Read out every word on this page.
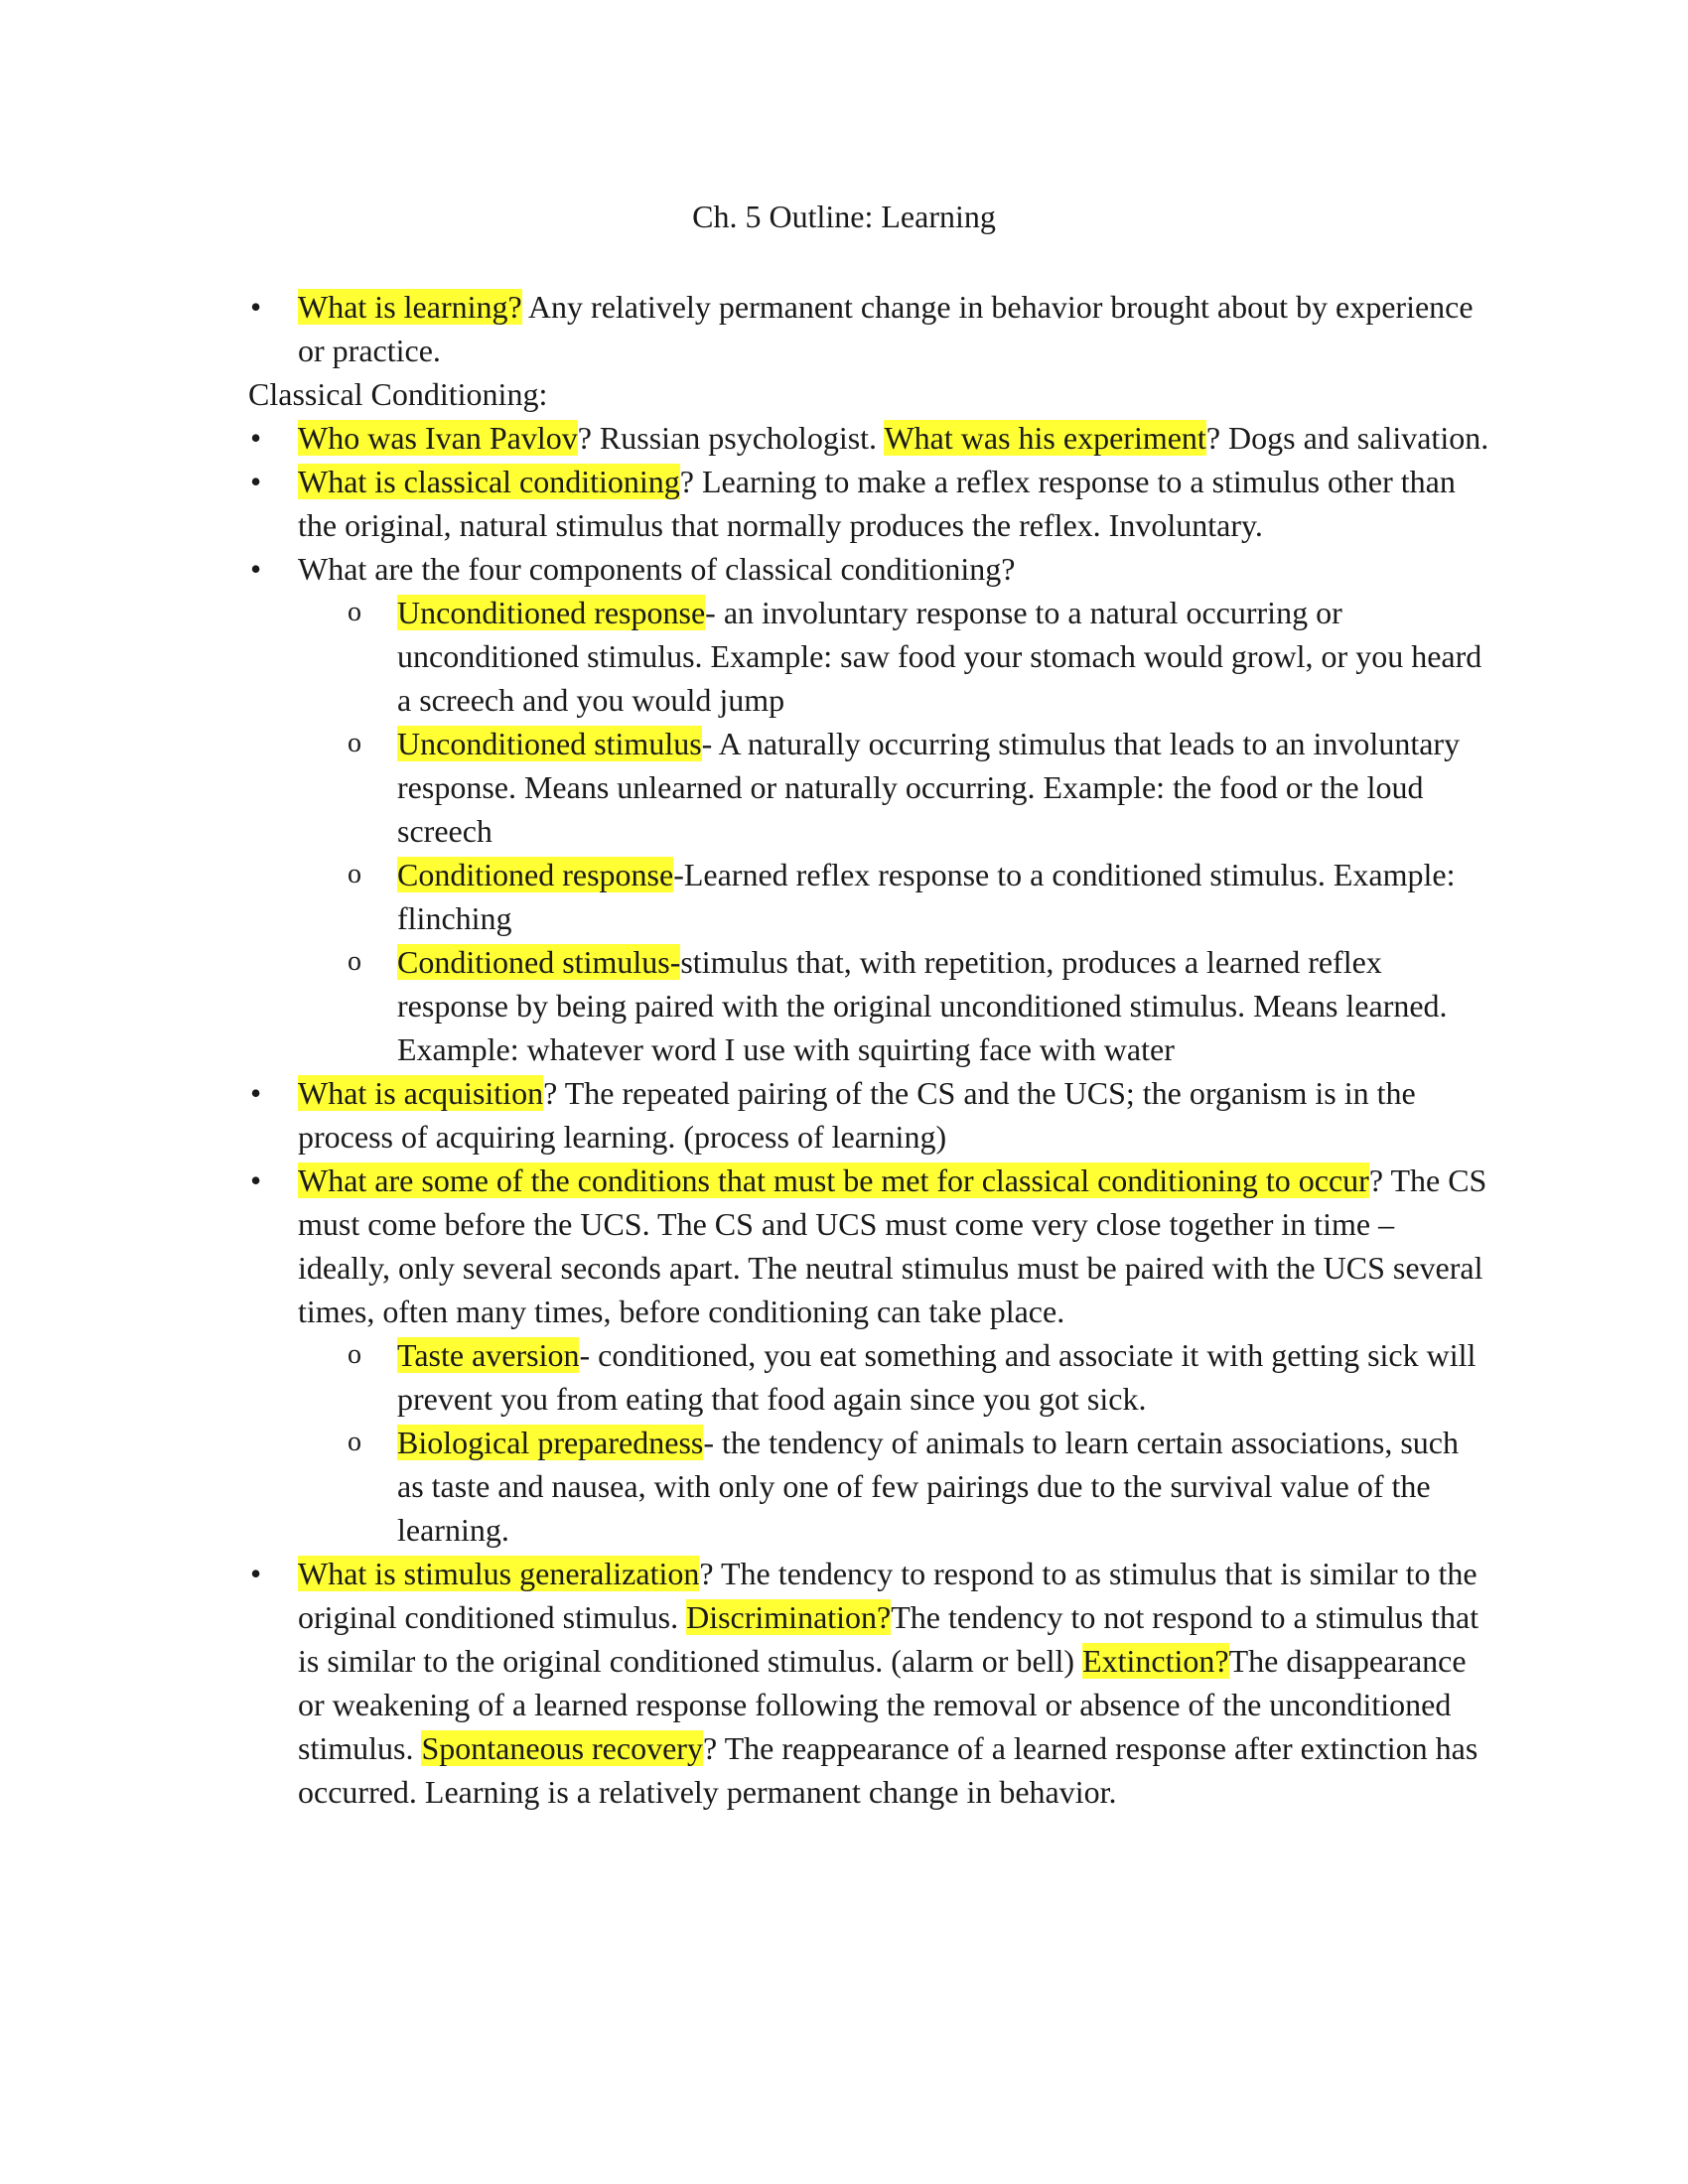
Ch. 5 Outline: Learning
•	What is learning? Any relatively permanent change in behavior brought about by experience or practice.
Classical Conditioning:
•	Who was Ivan Pavlov? Russian psychologist. What was his experiment? Dogs and salivation.
•	What is classical conditioning? Learning to make a reflex response to a stimulus other than the original, natural stimulus that normally produces the reflex. Involuntary.
•	What are the four components of classical conditioning?
o Unconditioned response- an involuntary response to a natural occurring or unconditioned stimulus. Example: saw food your stomach would growl, or you heard a screech and you would jump
o Unconditioned stimulus- A naturally occurring stimulus that leads to an involuntary response. Means unlearned or naturally occurring. Example: the food or the loud screech
o Conditioned response-Learned reflex response to a conditioned stimulus. Example: flinching
o Conditioned stimulus-stimulus that, with repetition, produces a learned reflex response by being paired with the original unconditioned stimulus. Means learned. Example: whatever word I use with squirting face with water
•	What is acquisition? The repeated pairing of the CS and the UCS; the organism is in the process of acquiring learning. (process of learning)
•	What are some of the conditions that must be met for classical conditioning to occur? The CS must come before the UCS. The CS and UCS must come very close together in time – ideally, only several seconds apart. The neutral stimulus must be paired with the UCS several times, often many times, before conditioning can take place.
o Taste aversion- conditioned, you eat something and associate it with getting sick will prevent you from eating that food again since you got sick.
o Biological preparedness- the tendency of animals to learn certain associations, such as taste and nausea, with only one of few pairings due to the survival value of the learning.
•	What is stimulus generalization? The tendency to respond to as stimulus that is similar to the original conditioned stimulus. Discrimination?The tendency to not respond to a stimulus that is similar to the original conditioned stimulus. (alarm or bell) Extinction?The disappearance or weakening of a learned response following the removal or absence of the unconditioned stimulus. Spontaneous recovery? The reappearance of a learned response after extinction has occurred. Learning is a relatively permanent change in behavior.
